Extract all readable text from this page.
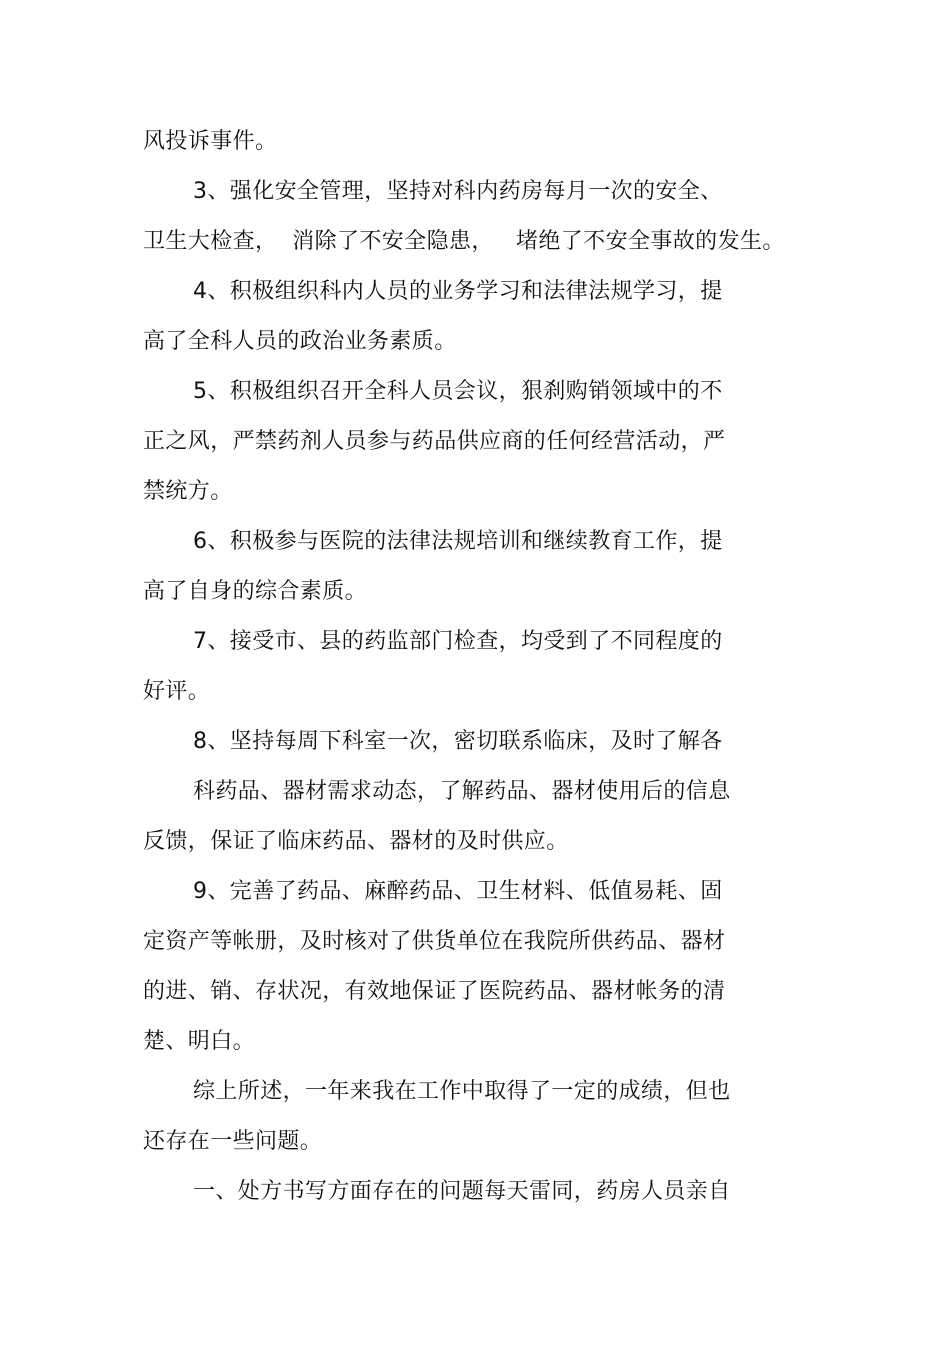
风投诉事件。
3、强化安全管理，坚持对科内药房每月一次的安全、
卫生大检查，  消除了不安全隐患，   堵绝了不安全事故的发生。
4、积极组织科内人员的业务学习和法律法规学习，提
高了全科人员的政治业务素质。
5、积极组织召开全科人员会议，狠刹购销领域中的不
正之风，严禁药剂人员参与药品供应商的任何经营活动，严
禁统方。
6、积极参与医院的法律法规培训和继续教育工作，提
高了自身的综合素质。
7、接受市、县的药监部门检查，均受到了不同程度的
好评。
8、坚持每周下科室一次，密切联系临床，及时了解各
科药品、器材需求动态，了解药品、器材使用后的信息
反馈，保证了临床药品、器材的及时供应。
9、完善了药品、麻醉药品、卫生材料、低值易耗、固
定资产等帐册，及时核对了供货单位在我院所供药品、器材
的进、销、存状况，有效地保证了医院药品、器材帐务的清
楚、明白。
综上所述，一年来我在工作中取得了一定的成绩，但也
还存在一些问题。
一、处方书写方面存在的问题每天雷同，药房人员亲自
